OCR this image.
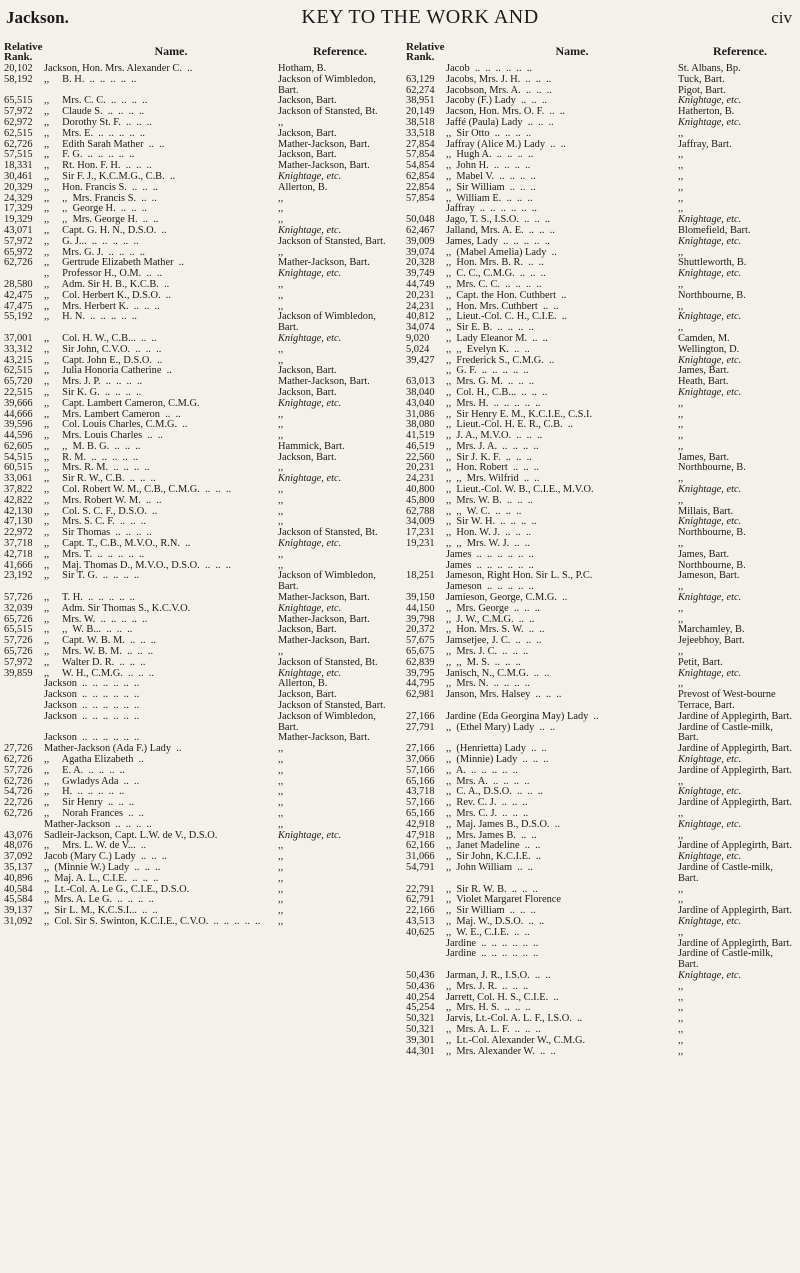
Jackson.	KEY TO THE WORK AND	civ
Relative Rank.	Name.	Reference.
20,102	Jackson, Hon. Mrs. Alexander C.  ..	Hotham, B.
58,192	,,     B. H.  ..  ..  ..  ..  ..	Jackson of Wimbledon, Bart.
65,515	,,     Mrs. C. C.  ..  ..  ..  ..	Jackson, Bart.
57,972	,,     Claude S.  ..  ..  ..  ..	Jackson of Stansted, Bt.
62,972	,,     Dorothy St. F.  ..  ..  ..	,,
62,515	,,     Mrs. E.  ..  ..  ..  ..  ..	Jackson, Bart.
62,726	,,     Edith Sarah Mather  ..  ..	Mather-Jackson, Bart.
57,515	,,     F. G.  ..  ..  ..  ..  ..	Jackson, Bart.
18,331	,,     Rt. Hon. F. H.  ..  ..  ..	Mather-Jackson, Bart.
30,461	,,     Sir F. J., K.C.M.G., C.B.  ..	Knightage, etc.
20,329	,,     Hon. Francis S.  ..  ..  ..	Allerton, B.
24,329	,,     ,,  Mrs. Francis S.  ..  ..	,,
17,329	,,     ,,  George H.  ..  ..  ..	,,
19,329	,,     ,,  Mrs. George H.  ..  ..	,,
43,071	,,     Capt. G. H. N., D.S.O.  ..	Knightage, etc.
57,972	,,     G. J...  ..  ..  ..  ..  ..	Jackson of Stansted, Bart.
65,972	,,     Mrs. G. J.  ..  ..  ..  ..	,,
62,726	,,     Gertrude Elizabeth Mather  ..	Mather-Jackson, Bart.
,,     Professor H., O.M.  ..  ..	Knightage, etc.
28,580	,,     Adm. Sir H. B., K.C.B.  ..	,,
42,475	,,     Col. Herbert K., D.S.O.  ..	,,
47,475	,,     Mrs. Herbert K.  ..  ..  ..	,,
55,192	,,     H. N.  ..  ..  ..  ..  ..	Jackson of Wimbledon, Bart.
37,001	,,     Col. H. W., C.B...  ..  ..	Knightage, etc.
33,312	,,     Sir John, C.V.O.  ..  ..  ..	,,
43,215	,,     Capt. John E., D.S.O.  ..	,,
62,515	,,     Julia Honoria Catherine  ..	Jackson, Bart.
65,720	,,     Mrs. J. P.  ..  ..  ..  ..	Mather-Jackson, Bart.
22,515	,,     Sir K. G.  ..  ..  ..  ..	Jackson, Bart.
39,666	,,     Capt. Lambert Cameron, C.M.G.	Knightage, etc.
44,666	,,     Mrs. Lambert Cameron  ..  ..	,,
39,596	,,     Col. Louis Charles, C.M.G.  ..	,,
44,596	,,     Mrs. Louis Charles  ..  ..	,,
62,605	,,     ,,  M. B. G.  ..  ..  ..	Hammick, Bart.
54,515	,,     R. M.  ..  ..  ..  ..  ..	Jackson, Bart.
60,515	,,     Mrs. R. M.  ..  ..  ..  ..	,,
33,061	,,     Sir R. W., C.B.  ..  ..  ..	Knightage, etc.
37,822	,,     Col. Robert W. M., C.B., C.M.G.  ..  ..  ..	,,
42,822	,,     Mrs. Robert W. M.  ..  ..	,,
42,130	,,     Col. S. C. F., D.S.O.  ..	,,
47,130	,,     Mrs. S. C. F.  ..  ..  ..	,,
22,972	,,     Sir Thomas  ..  ..  ..  ..	Jackson of Stansted, Bt.
37,718	,,     Capt. T., C.B., M.V.O., R.N.  ..	Knightage, etc.
42,718	,,     Mrs. T.  ..  ..  ..  ..  ..	,,
41,666	,,     Maj. Thomas D., M.V.O., D.S.O.  ..  ..  ..	,,
23,192	,,     Sir T. G.  ..  ..  ..  ..	Jackson of Wimbledon, Bart.
57,726	,,     T. H.  ..  ..  ..  ..  ..	Mather-Jackson, Bart.
32,039	,,     Adm. Sir Thomas S., K.C.V.O.	Knightage, etc.
65,726	,,     Mrs. W.  ..  ..  ..  ..  ..	Mather-Jackson, Bart.
65,515	,,     ,,  W. B...  ..  ..  ..	Jackson, Bart.
57,726	,,     Capt. W. B. M.  ..  ..  ..	Mather-Jackson, Bart.
65,726	,,     Mrs. W. B. M.  ..  ..  ..	,,
57,972	,,     Walter D. R.  ..  ..  ..	Jackson of Stansted, Bt.
39,859	,,     W. H., C.M.G.  ..  ..  ..	Knightage, etc.
Jackson  ..  ..  ..  ..  ..  ..	Allerton, B.
Jackson  ..  ..  ..  ..  ..  ..	Jackson, Bart.
Jackson  ..  ..  ..  ..  ..  ..	Jackson of Stansted, Bart.
Jackson  ..  ..  ..  ..  ..  ..	Jackson of Wimbledon, Bart.
Jackson  ..  ..  ..  ..  ..  ..	Mather-Jackson, Bart.
27,726	Mather-Jackson (Ada F.) Lady  ..	,,
62,726	,,     Agatha Elizabeth  ..	,,
57,726	,,     E. A.  ..  ..  ..  ..	,,
62,726	,,     Gwladys Ada  ..  ..	,,
54,726	,,     H.  ..  ..  ..  ..  ..	,,
22,726	,,     Sir Henry  ..  ..  ..	,,
62,726	,,     Norah Frances  ..  ..	,,
Mather-Jackson  ..  ..  ..  ..	,,
43,076	Sadleir-Jackson, Capt. L.W. de V., D.S.O.	Knightage, etc.
48,076	,,     Mrs. L. W. de V...  ..	,,
37,092	Jacob (Mary C.) Lady  ..  ..  ..	,,
35,137	,,  (Minnie W.) Lady  ..  ..  ..	,,
40,896	,,  Maj. A. L., C.I.E.  ..  ..  ..	,,
40,584	,,  Lt.-Col. A. Le G., C.I.E., D.S.O.	,,
45,584	,,  Mrs. A. Le G.  ..  ..  ..  ..	,,
39,137	,,  Sir L. M., K.C.S.I...  ..  ..	,,
31,092	,,  Col. Sir S. Swinton, K.C.I.E., C.V.O.  ..  ..  ..  ..  ..	,,
Relative Rank.	Name.	Reference.
Jacob  ..  ..  ..  ..  ..  ..	St. Albans, Bp.
63,129	Jacobs, Mrs. J. H.  ..  ..  ..	Tuck, Bart.
62,274	Jacobson, Mrs. A.  ..  ..  ..	Pigot, Bart.
38,951	Jacoby (F.) Lady  ..  ..  ..	Knightage, etc.
20,149	Jacson, Hon. Mrs. O. F.  ..  ..	Hatherton, B.
38,518	Jaffé (Paula) Lady  ..  ..  ..	Knightage, etc.
33,518	,,  Sir Otto  ..  ..  ..  ..	,,
27,854	Jaffray (Alice M.) Lady  ..  ..	Jaffray, Bart.
57,854	,,  Hugh A.  ..  ..  ..  ..	,,
54,854	,,  John H.  ..  ..  ..  ..	,,
62,854	,,  Mabel V.  ..  ..  ..  ..	,,
22,854	,,  Sir William  ..  ..  ..	,,
57,854	,,  William E.  ..  ..  ..	,,
Jaffray  ..  ..  ..  ..  ..  ..	,,
50,048	Jago, T. S., I.S.O.  ..  ..  ..	Knightage, etc.
62,467	Jalland, Mrs. A. E.  ..  ..  ..	Blomefield, Bart.
39,009	James, Lady  ..  ..  ..  ..  ..	Knightage, etc.
39,074	,,  (Mabel Amelia) Lady  ..	,,
20,328	,,  Hon. Mrs. B. R.  ..  ..	Shuttleworth, B.
39,749	,,  C. C., C.M.G.  ..  ..  ..	Knightage, etc.
44,749	,,  Mrs. C. C.  ..  ..  ..  ..	,,
20,231	,,  Capt. the Hon. Cuthbert  ..	Northbourne, B.
24,231	,,  Hon. Mrs. Cuthbert  ..  ..	,,
40,812	,,  Lieut.-Col. C. H., C.I.E.  ..	Knightage, etc.
34,074	,,  Sir E. B.  ..  ..  ..  ..	,,
9,020	,,  Lady Eleanor M.  ..  ..	Camden, M.
5,024	,,  ,,  Evelyn K.  ..  ..	Wellington, D.
39,427	,,  Frederick S., C.M.G.  ..	Knightage, etc.
,,  G. F.  ..  ..  ..  ..  ..	James, Bart.
63,013	,,  Mrs. G. M.  ..  ..  ..	Heath, Bart.
38,040	,,  Col. H., C.B...  ..  ..  ..	Knightage, etc.
43,040	,,  Mrs. H.  ..  ..  ..  ..  ..	,,
31,086	,,  Sir Henry E. M., K.C.I.E., C.S.I.	,,
38,080	,,  Lieut.-Col. H. E. R., C.B.  ..	,,
41,519	,,  J. A., M.V.O.  ..  ..  ..	,,
46,519	,,  Mrs. J. A.  ..  ..  ..  ..	,,
22,560	,,  Sir J. K. F.  ..  ..  ..	James, Bart.
20,231	,,  Hon. Robert  ..  ..  ..	Northbourne, B.
24,231	,,  ,,  Mrs. Wilfrid  ..  ..	,,
40,800	,,  Lieut.-Col. W. B., C.I.E., M.V.O.	Knightage, etc.
45,800	,,  Mrs. W. B.  ..  ..  ..	,,
62,788	,,  ,,  W. C.  ..  ..  ..	Millais, Bart.
34,009	,,  Sir W. H.  ..  ..  ..  ..	Knightage, etc.
17,231	,,  Hon. W. J.  ..  ..  ..	Northbourne, B.
19,231	,,  ,,  Mrs. W. J.  ..  ..	,,
James  ..  ..  ..  ..  ..  ..	James, Bart.
James  ..  ..  ..  ..  ..  ..	Northbourne, B.
18,251	Jameson, Right Hon. Sir L. S., P.C.	Jameson, Bart.
Jameson  ..  ..  ..  ..  ..	,,
39,150	Jamieson, George, C.M.G.  ..	Knightage, etc.
44,150	,,  Mrs. George  ..  ..  ..	,,
39,798	,,  J. W., C.M.G.  ..  ..	,,
20,372	,,  Hon. Mrs. S. W.  ..  ..	Marchamley, B.
57,675	Jamsetjee, J. C.  ..  ..  ..	Jejeebhoy, Bart.
65,675	,,  Mrs. J. C.  ..  ..  ..	,,
62,839	,,  ,,  M. S.  ..  ..  ..	Petit, Bart.
39,795	Janisch, N., C.M.G.  ..  ..	Knightage, etc.
44,795	,,  Mrs. N.  ..  ..  ..  ..	,,
62,981	Janson, Mrs. Halsey  ..  ..  ..	Prevost of West-bourne Terrace, Bart.
27,166	Jardine (Eda Georgina May) Lady  ..	Jardine of Applegirth, Bart.
27,791	,,  (Ethel Mary) Lady  ..  ..	Jardine of Castle-milk, Bart.
27,166	,,  (Henrietta) Lady  ..  ..	Jardine of Applegirth, Bart.
37,066	,,  (Minnie) Lady  ..  ..  ..	Knightage, etc.
57,166	,,  A.  ..  ..  ..  ..  ..	Jardine of Applegirth, Bart.
65,166	,,  Mrs. A.  ..  ..  ..  ..	,,
43,718	,,  C. A., D.S.O.  ..  ..  ..	Knightage, etc.
57,166	,,  Rev. C. J.  ..  ..  ..	Jardine of Applegirth, Bart.
65,166	,,  Mrs. C. J.  ..  ..  ..	,,
42,918	,,  Maj. James B., D.S.O.  ..	Knightage, etc.
47,918	,,  Mrs. James B.  ..  ..	,,
62,166	,,  Janet Madeline  ..  ..	Jardine of Applegirth, Bart.
31,066	,,  Sir John, K.C.I.E.  ..	Knightage, etc.
54,791	,,  John William  ..  ..	Jardine of Castle-milk, Bart.
22,791	,,  Sir R. W. B.  ..  ..  ..	,,
62,791	,,  Violet Margaret Florence	,,
22,166	,,  Sir William  ..  ..  ..	Jardine of Applegirth, Bart.
43,513	,,  Maj. W., D.S.O.  ..  ..	Knightage, etc.
40,625	,,  W. E., C.I.E.  ..  ..	,,
Jardine  ..  ..  ..  ..  ..  ..	Jardine of Applegirth, Bart.
Jardine  ..  ..  ..  ..  ..  ..	Jardine of Castle-milk, Bart.
50,436	Jarman, J. R., I.S.O.  ..  ..	Knightage, etc.
50,436	,,  Mrs. J. R.  ..  ..  ..	,,
40,254	Jarrett, Col. H. S., C.I.E.  ..	,,
45,254	,,  Mrs. H. S.  ..  ..  ..	,,
50,321	Jarvis, Lt.-Col. A. L. F., I.S.O.  ..	,,
50,321	,,  Mrs. A. L. F.  ..  ..  ..	,,
39,301	,,  Lt.-Col. Alexander W., C.M.G.	,,
44,301	,,  Mrs. Alexander W.  ..  ..	,,
